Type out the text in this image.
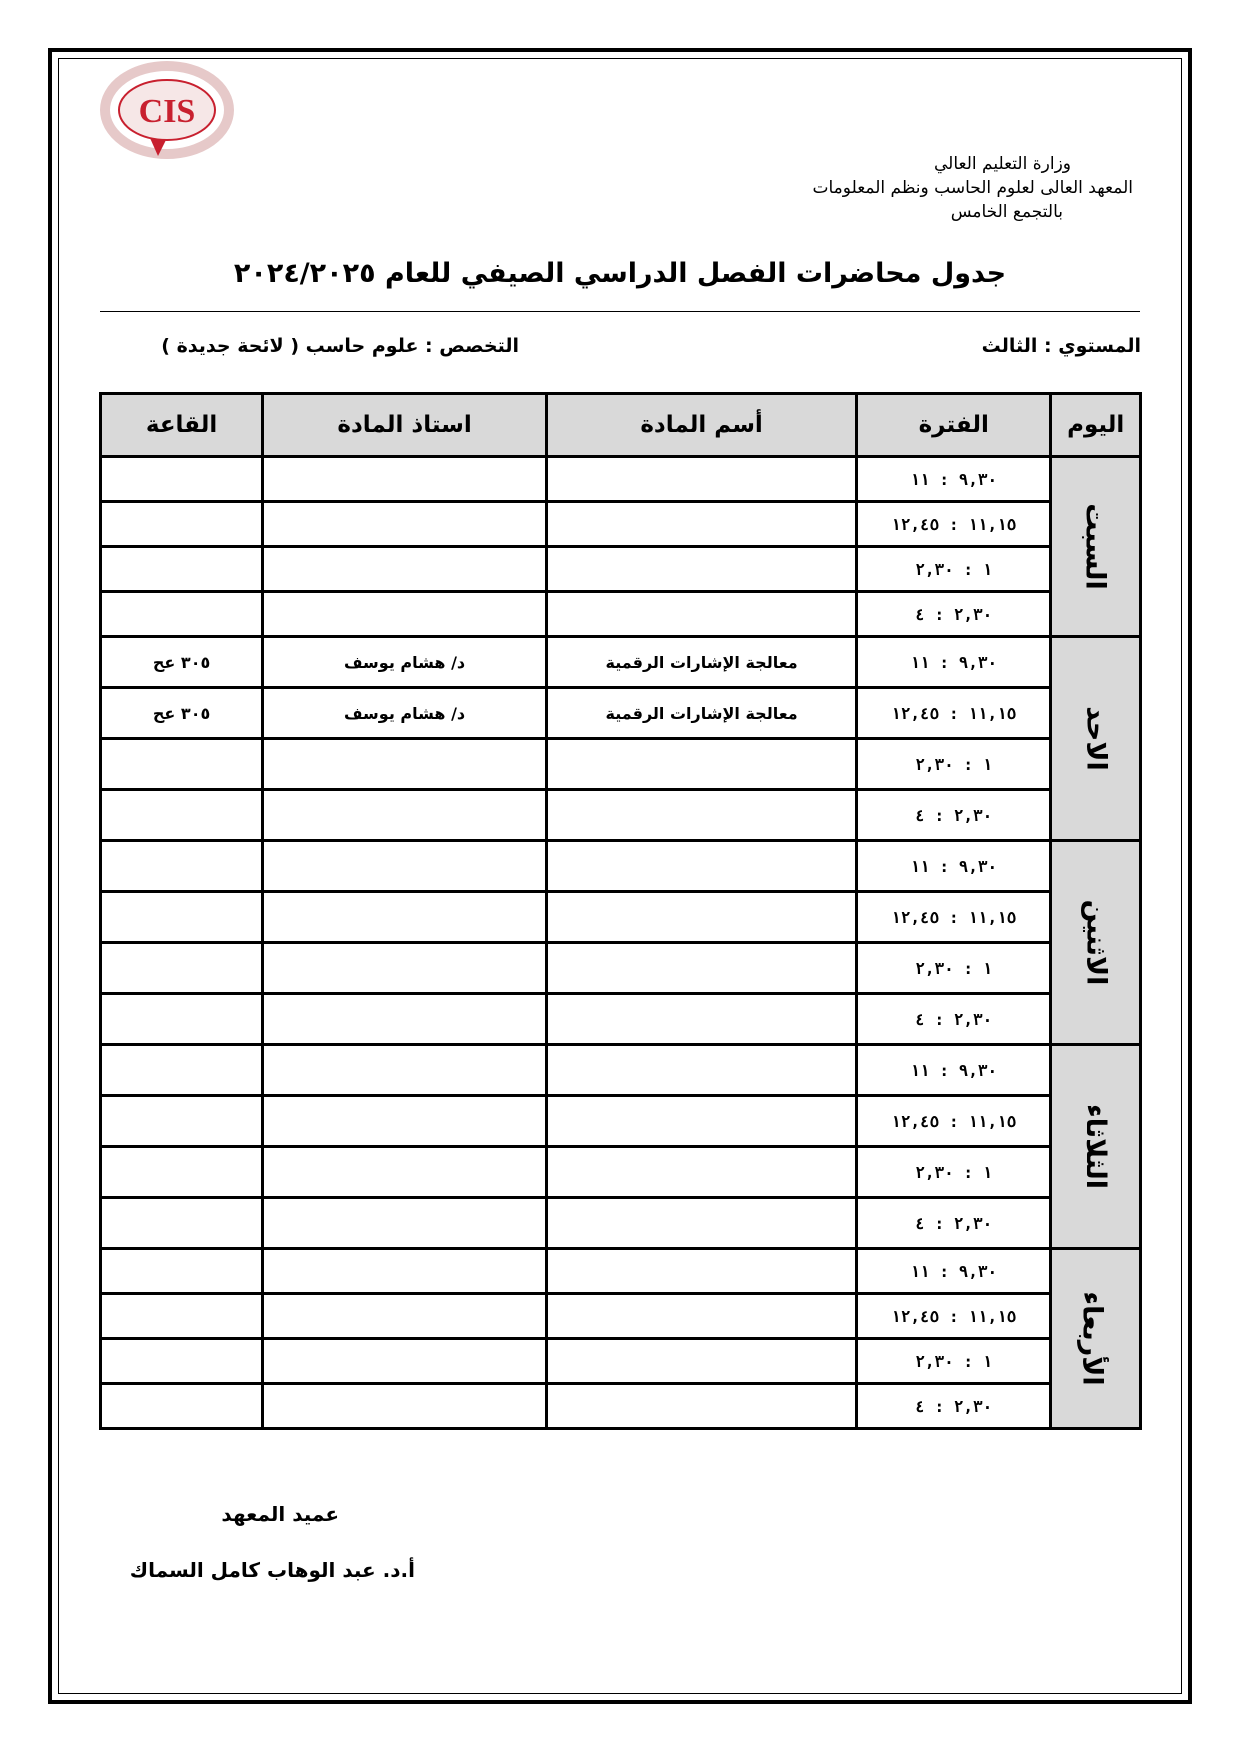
CIS
وزارة التعليم العالي
المعهد العالى لعلوم الحاسب ونظم المعلومات
بالتجمع الخامس
جدول محاضرات الفصل الدراسي الصيفي للعام ٢٠٢٤/٢٠٢٥
المستوي : الثالث
التخصص : علوم حاسب ( لائحة جديدة )
اليوم	الفترة	أسم المادة	استاذ المادة	القاعة
السبت	٩,٣٠ : ١١			
	١١,١٥ : ١٢,٤٥			
	١ : ٢,٣٠			
	٢,٣٠ : ٤			
الاحد	٩,٣٠ : ١١	معالجة الإشارات الرقمية	د/ هشام يوسف	٣٠٥ عح
	١١,١٥ : ١٢,٤٥	معالجة الإشارات الرقمية	د/ هشام يوسف	٣٠٥ عح
	١ : ٢,٣٠			
	٢,٣٠ : ٤			
الاثنين	٩,٣٠ : ١١			
	١١,١٥ : ١٢,٤٥			
	١ : ٢,٣٠			
	٢,٣٠ : ٤			
الثلاثاء	٩,٣٠ : ١١			
	١١,١٥ : ١٢,٤٥			
	١ : ٢,٣٠			
	٢,٣٠ : ٤			
الأربعاء	٩,٣٠ : ١١			
	١١,١٥ : ١٢,٤٥			
	١ : ٢,٣٠			
	٢,٣٠ : ٤			
عميد المعهد
أ.د. عبد الوهاب كامل السماك
